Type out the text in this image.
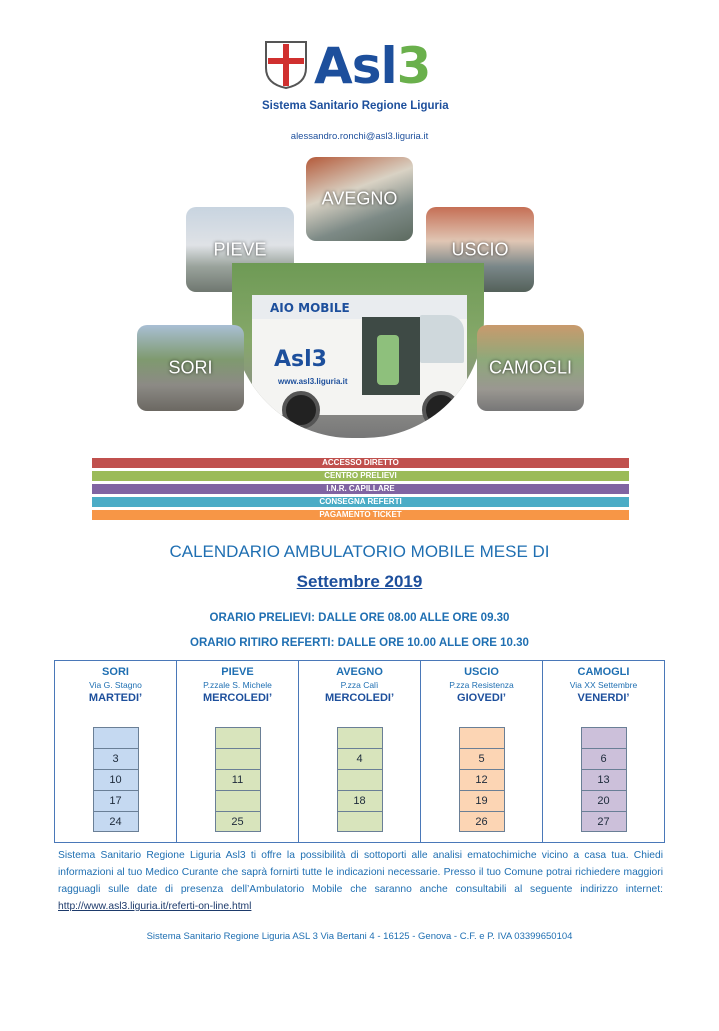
Asl3
Sistema Sanitario Regione Liguria
alessandro.ronchi@asl3.liguria.it
AVEGNO
PIEVE	USCIO
AIO MOBILE
Asl3
www.asl3.liguria.it
SORI	CAMOGLI
ACCESSO DIRETTO
CENTRO PRELIEVI
I.N.R. CAPILLARE
CONSEGNA REFERTI
PAGAMENTO TICKET
CALENDARIO AMBULATORIO MOBILE MESE DI
Settembre 2019
ORARIO PRELIEVI: DALLE ORE 08.00 ALLE ORE 09.30
ORARIO RITIRO REFERTI: DALLE ORE 10.00 ALLE ORE 10.30
SORI
Via G. Stagno
MARTEDI’
3
10
17
24
PIEVE
P.zzale S. Michele
MERCOLEDI’
11
25
AVEGNO
P.zza Calì
MERCOLEDI’
4
18
USCIO
P.zza Resistenza
GIOVEDI’
5
12
19
26
CAMOGLI
Via XX Settembre
VENERDI’
6
13
20
27
Sistema Sanitario Regione Liguria Asl3 ti offre la possibilità di sottoporti alle analisi ematochimiche vicino a casa tua. Chiedi informazioni al tuo Medico Curante che saprà fornirti tutte le indicazioni necessarie. Presso il tuo Comune potrai richiedere maggiori ragguagli sulle date di presenza dell’Ambulatorio Mobile che saranno anche consultabili al seguente indirizzo internet: http://www.asl3.liguria.it/referti-on-line.html
Sistema Sanitario Regione Liguria ASL 3 Via Bertani 4 - 16125 - Genova - C.F. e P. IVA 03399650104
